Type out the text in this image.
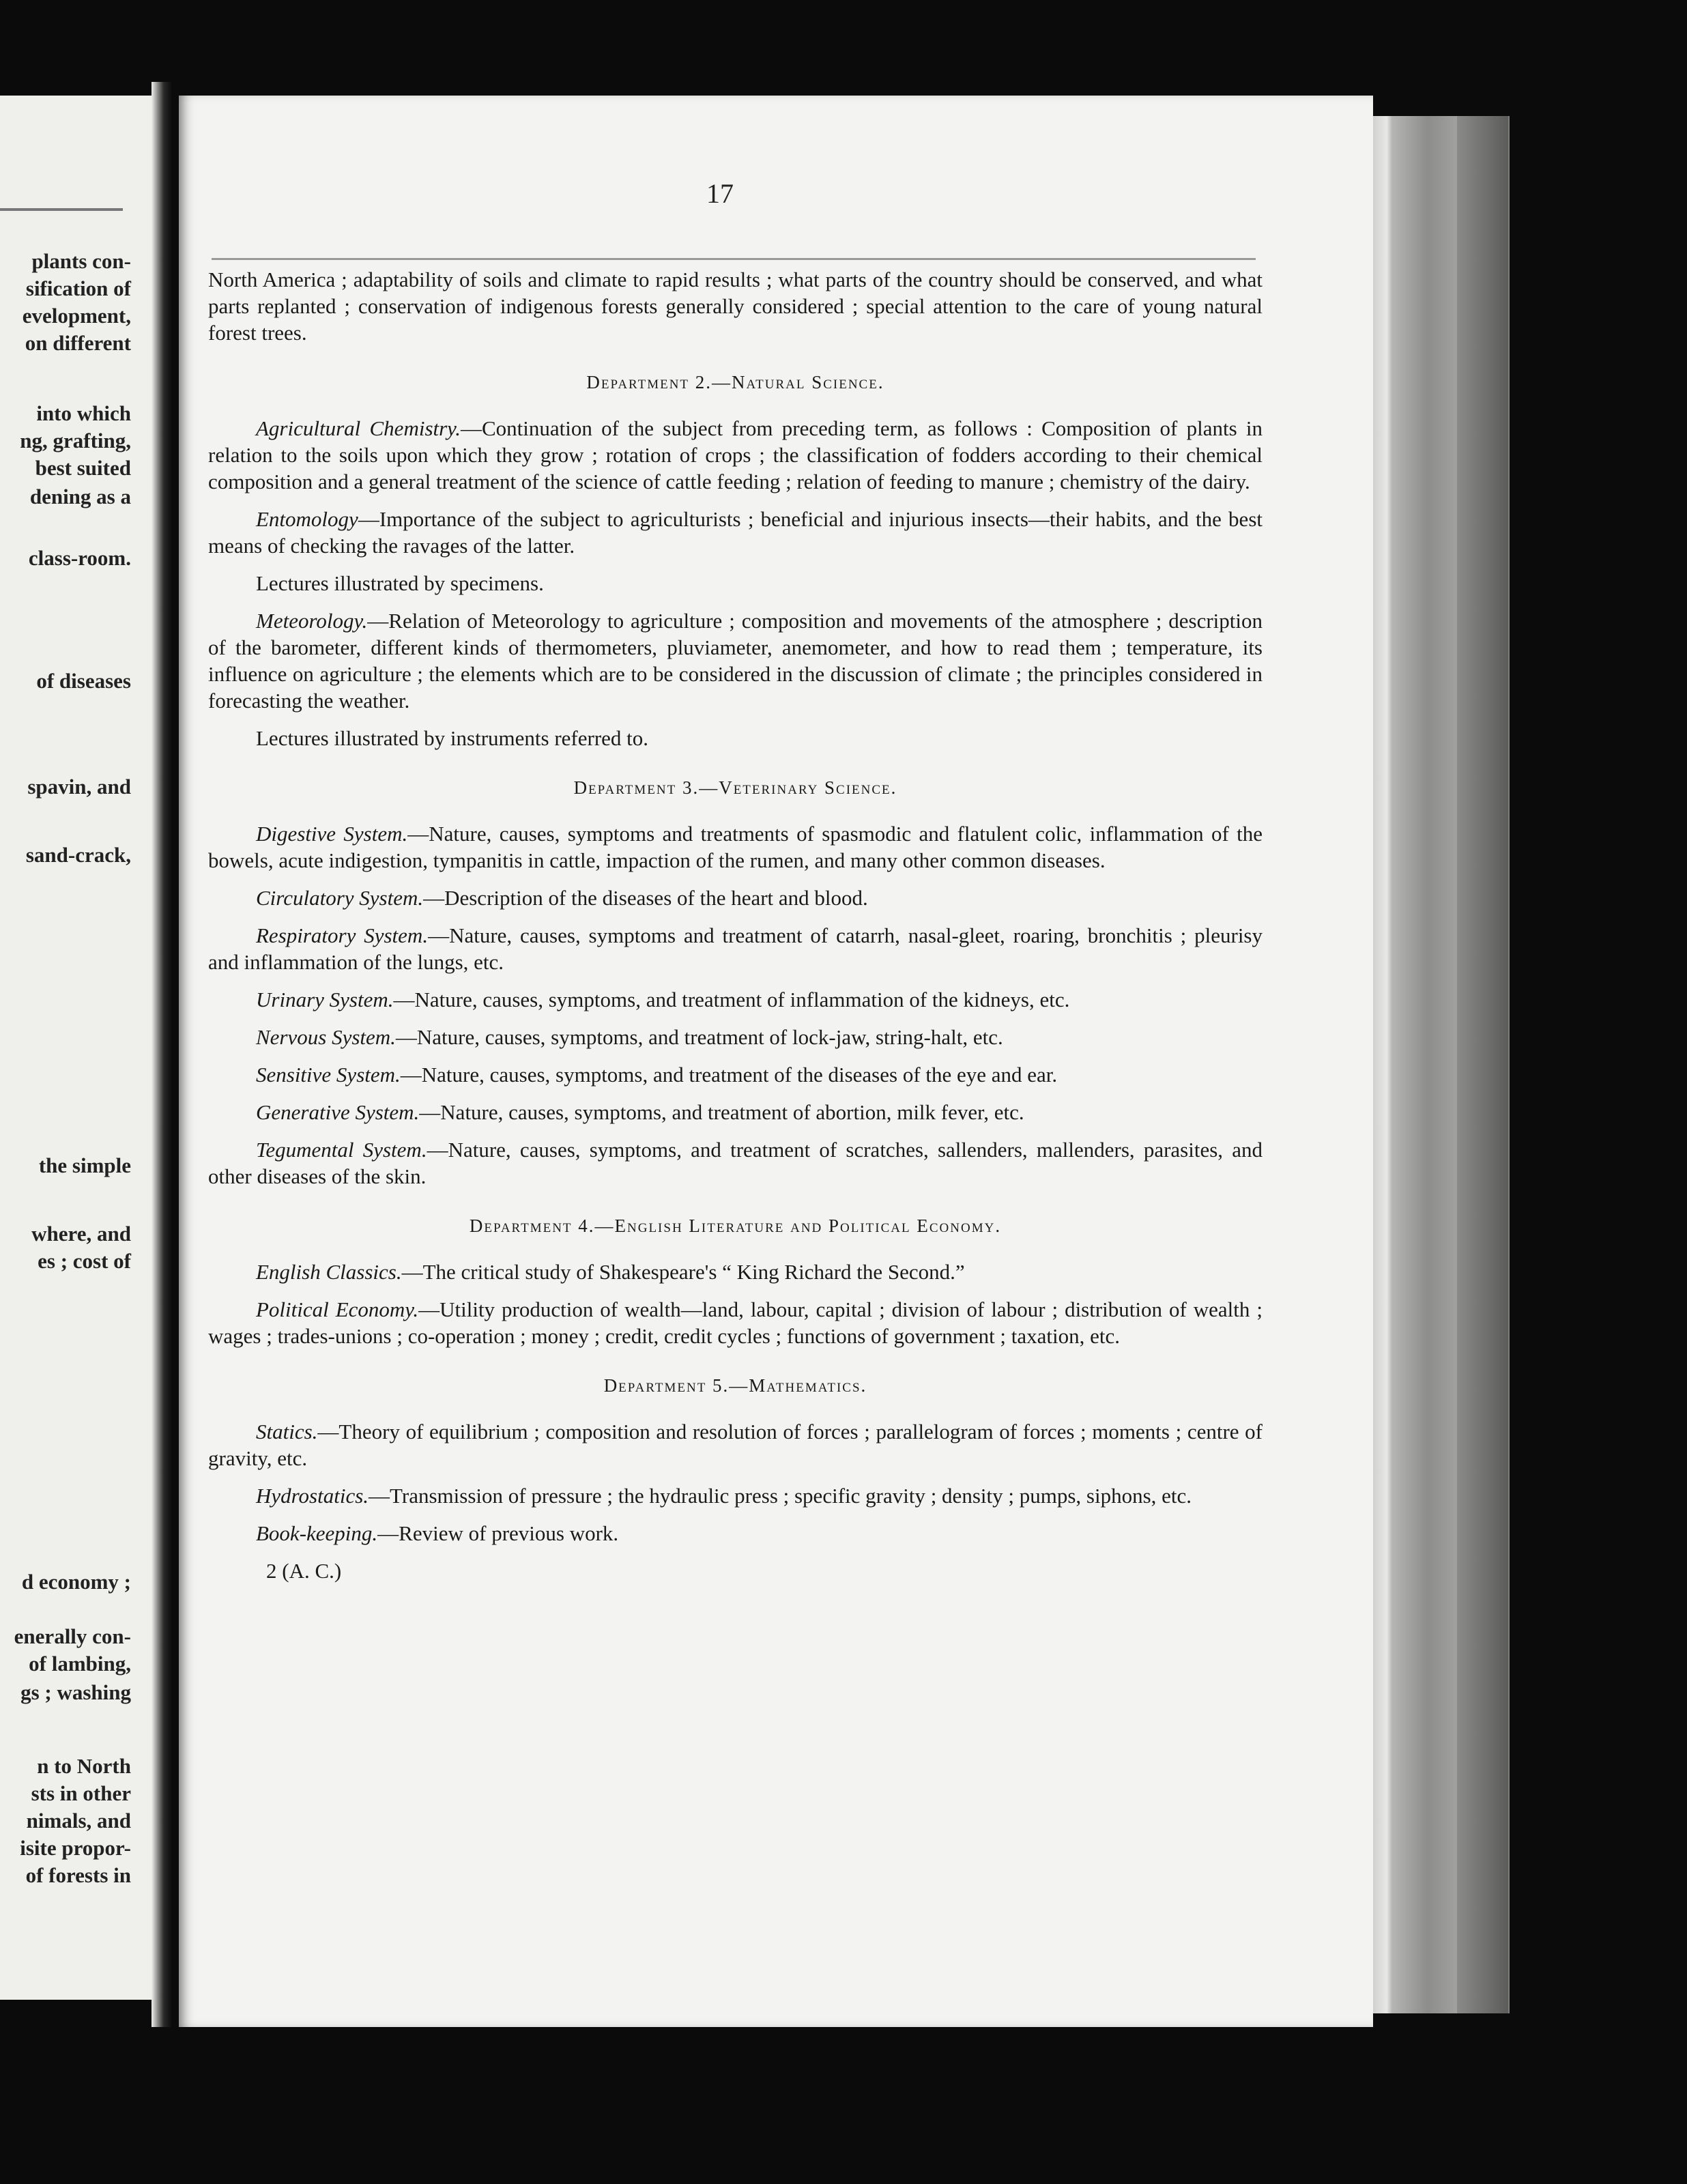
plants con-
sification of
evelopment,
on different
into which
ng, grafting,
best suited
dening as a
class-room.
of diseases
spavin, and
sand-crack,
the simple
where, and
es ; cost of
d economy ;
enerally con-
of lambing,
gs ; washing
n to North
sts in other
nimals, and
isite propor-
of forests in
17

North America ; adaptability of soils and climate to rapid results ; what parts of the country should be conserved, and what parts replanted ; conservation of indigenous forests generally considered ; special attention to the care of young natural forest trees.

Department 2.—Natural Science.

Agricultural Chemistry.—Continuation of the subject from preceding term, as follows : Composition of plants in relation to the soils upon which they grow ; rotation of crops ; the classification of fodders according to their chemical composition and a general treatment of the science of cattle feeding ; relation of feeding to manure ; chemistry of the dairy.

Entomology—Importance of the subject to agriculturists ; beneficial and injurious insects—their habits, and the best means of checking the ravages of the latter.

Lectures illustrated by specimens.

Meteorology.—Relation of Meteorology to agriculture ; composition and movements of the atmosphere ; description of the barometer, different kinds of thermometers, pluviameter, anemometer, and how to read them ; temperature, its influence on agriculture ; the elements which are to be considered in the discussion of climate ; the principles considered in forecasting the weather.

Lectures illustrated by instruments referred to.

Department 3.—Veterinary Science.

Digestive System.—Nature, causes, symptoms and treatments of spasmodic and flatulent colic, inflammation of the bowels, acute indigestion, tympanitis in cattle, impaction of the rumen, and many other common diseases.

Circulatory System.—Description of the diseases of the heart and blood.

Respiratory System.—Nature, causes, symptoms and treatment of catarrh, nasal-gleet, roaring, bronchitis ; pleurisy and inflammation of the lungs, etc.

Urinary System.—Nature, causes, symptoms, and treatment of inflammation of the kidneys, etc.

Nervous System.—Nature, causes, symptoms, and treatment of lock-jaw, string-halt, etc.

Sensitive System.—Nature, causes, symptoms, and treatment of the diseases of the eye and ear.

Generative System.—Nature, causes, symptoms, and treatment of abortion, milk fever, etc.

Tegumental System.—Nature, causes, symptoms, and treatment of scratches, sallenders, mallenders, parasites, and other diseases of the skin.

Department 4.—English Literature and Political Economy.

English Classics.—The critical study of Shakespeare's “ King Richard the Second.”

Political Economy.—Utility production of wealth—land, labour, capital ; division of labour ; distribution of wealth ; wages ; trades-unions ; co-operation ; money ; credit, credit cycles ; functions of government ; taxation, etc.

Department 5.—Mathematics.

Statics.—Theory of equilibrium ; composition and resolution of forces ; parallelogram of forces ; moments ; centre of gravity, etc.

Hydrostatics.—Transmission of pressure ; the hydraulic press ; specific gravity ; density ; pumps, siphons, etc.

Book-keeping.—Review of previous work.

2 (A. C.)
